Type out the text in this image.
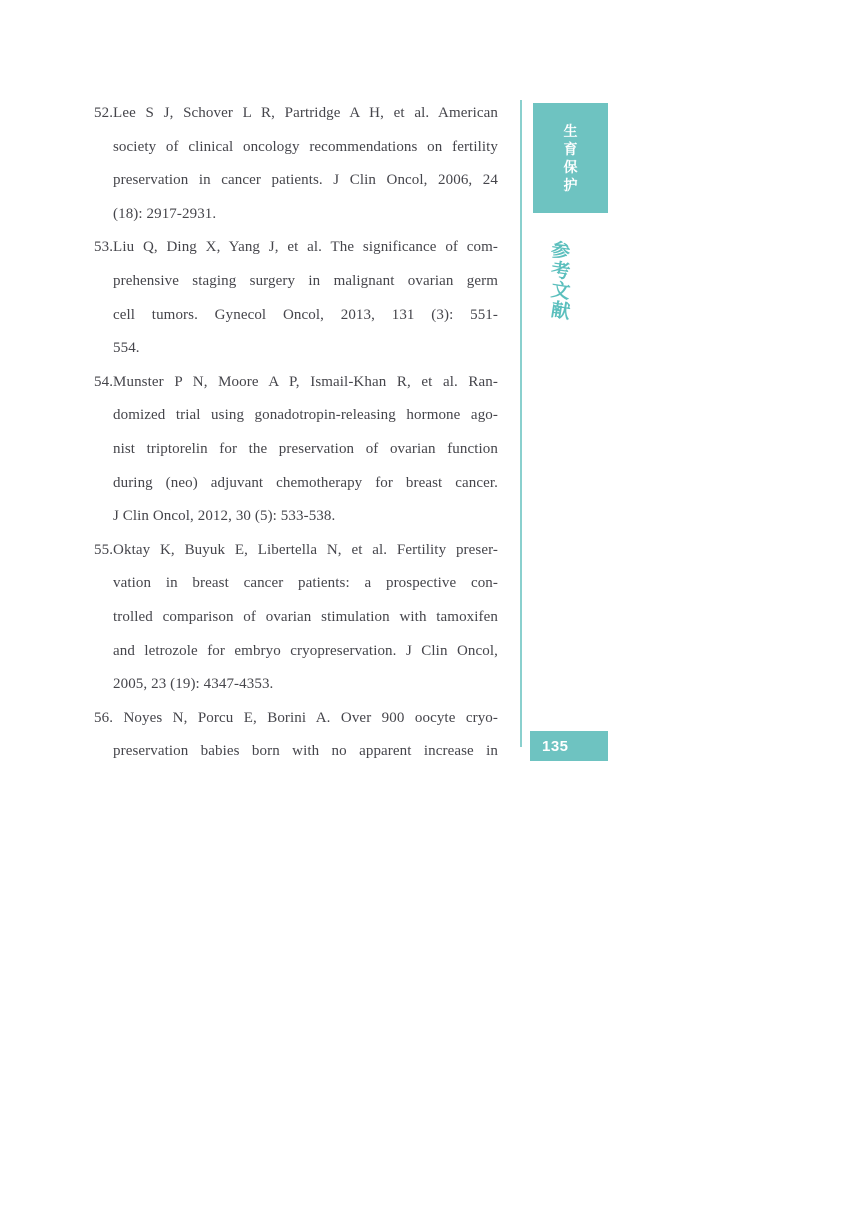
52.Lee S J, Schover L R, Partridge A H, et al. American
society of clinical oncology recommendations on fertility
preservation in cancer patients. J Clin Oncol, 2006, 24
(18): 2917-2931.
53.Liu Q, Ding X, Yang J, et al. The significance of com-
prehensive staging surgery in malignant ovarian germ
cell tumors. Gynecol Oncol, 2013, 131 (3): 551-
554.
54.Munster P N, Moore A P, Ismail-Khan R, et al. Ran-
domized trial using gonadotropin-releasing hormone ago-
nist triptorelin for the preservation of ovarian function
during (neo) adjuvant chemotherapy for breast cancer.
J Clin Oncol, 2012, 30 (5): 533-538.
55.Oktay K, Buyuk E, Libertella N, et al. Fertility preser-
vation in breast cancer patients: a prospective con-
trolled comparison of ovarian stimulation with tamoxifen
and letrozole for embryo cryopreservation. J Clin Oncol,
2005, 23 (19): 4347-4353.
56. Noyes N, Porcu E, Borini A. Over 900 oocyte cryo-
preservation babies born with no apparent increase in
生
育
保
护
参
考
文
献
135
